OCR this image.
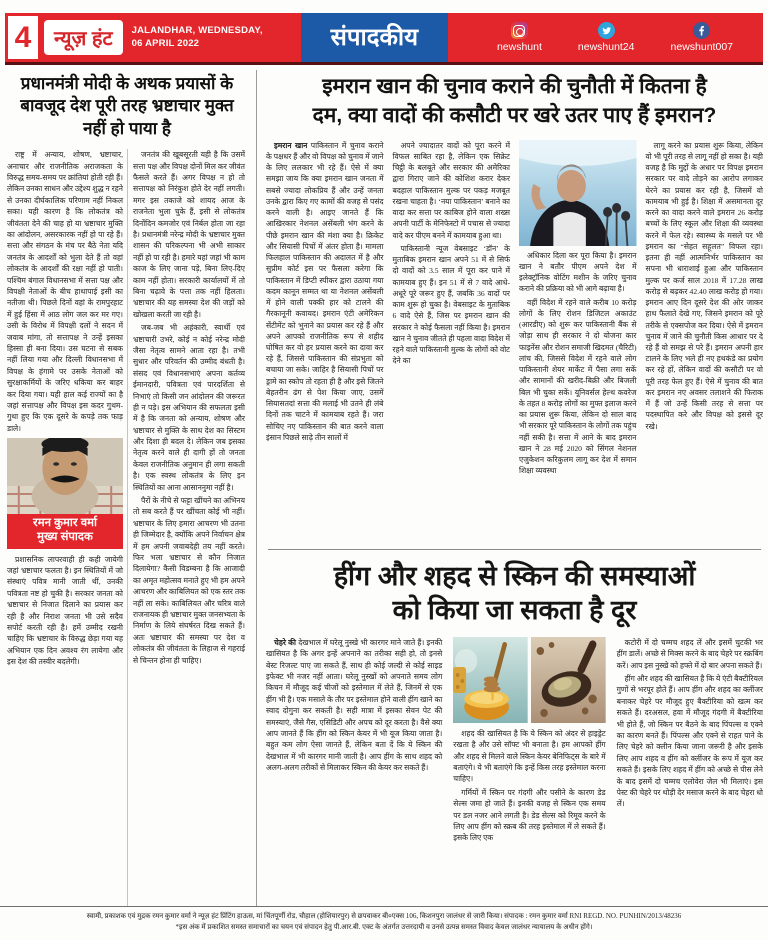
4	न्यूज़ हंट	JALANDHAR, WEDNESDAY,
06 APRIL 2022	संपादकीय	newshunt	newshunt24	newshunt007
प्रधानमंत्री मोदी के अथक प्रयासों के बावजूद देश पूरी तरह भ्रष्टाचार मुक्त नहीं हो पाया है

राष्ट्र में अन्याय, शोषण, भ्रष्टाचार, अनाचार और राजनीतिक अराजकता के विरुद्ध समय-समय पर क्रांतियां होती रही हैं। लेकिन उनका साधन और उद्देश्य शुद्ध न रहने से उनका दीर्घकालिक परिणाम नहीं निकल सका। यही कारण है कि लोकतंत्र को जीवंतता देने की चाह हो या भ्रष्टाचार मुक्ति का आंदोलन, असरकारक नहीं हो पा रहे हैं। सत्ता और संगठन के मंच पर बैठे नेता यदि जनतंत्र के आदर्शों को भुला देते हैं तो वहां लोकतंत्र के आदर्शों की रक्षा नहीं हो पाती। पश्चिम बंगाल विधानसभा में सत्ता पक्ष और विपक्षी नेताओं के बीच हाथापाई इसी का नतीजा थी। पिछले दिनों वहां के रामपुरहाट में हुई हिंसा में आठ लोग जल कर मर गए। उसी के विरोध में विपक्षी दलों ने सदन में जवाब मांगा, तो सत्तापक्ष ने उन्हें इसका हिस्सा ही बना दिया। उस घटना से सबक नहीं लिया गया और दिल्ली विधानसभा में विपक्ष के हंगामे पर उसके नेताओं को सुरक्षाकर्मियों के जरिए धकिया कर बाहर कर दिया गया। यही हाल कई राज्यों का है जहां सत्तापक्ष और विपक्ष इस कदर गुथम-गुथा हुए कि एक दूसरे के कपड़े तक फाड़ डाले।

रमन कुमार वर्मा
मुख्य संपादक

प्रशासनिक लापरवाही ही कही जायेगी जहां भ्रष्टाचार फलता है। इन स्थितियों में जो संस्थाएं पवित्र मानी जाती थीं, उनकी पवित्रता नष्ट हो चुकी है। सरकार जनता को भ्रष्टाचार से निजात दिलाने का प्रयास कर रही है और निराश जनता भी उसे सदैव सपोर्ट करती रही है। हमें उम्मीद रखनी चाहिए कि भ्रष्टाचार के विरुद्ध छेड़ा गया यह अभियान एक दिन अवश्य रंग लायेगा और इस देश की तस्वीर बदलेगी।

जनतंत्र की खूबसूरती यही है कि उसमें सत्ता पक्ष और विपक्ष दोनों मिल कर जीवंत फैसले करते हैं। अगर विपक्ष न हो तो सत्तापक्ष को निरंकुश होते देर नहीं लगती। मगर इस तकाजे को शायद आज के राजनेता भुला चुके हैं, इसी से लोकतंत्र दिनोंदिन कमजोर एवं निर्बल होता जा रहा है। प्रधानमंत्री नरेन्द्र मोदी के भ्रष्टाचार मुक्त शासन की परिकल्पना भी अभी साकार नहीं हो पा रही है। हमारे यहां जहां भी काम काज के लिए जाना पड़े, बिना लिए-दिए काम नहीं होता। सरकारी कार्यालयों में तो बिना चढ़ावे के पत्ता तक नहीं हिलता। भ्रष्टाचार की यह समस्या देश की जड़ों को खोखला करती जा रही है।

जब-जब भी अहंकारी, स्वार्थी एवं भ्रष्टाचारी उभरे, कोई न कोई नरेन्द्र मोदी जैसा नेतृत्व सामने आता रहा है। तभी सुधार और परिवर्तन की उम्मीद बंधती है। संसद एवं विधानसभाएं अपना कर्तव्य ईमानदारी, पवित्रता एवं पारदर्शिता से निभाएं तो किसी जन आंदोलन की जरूरत ही न पड़े। इस अभियान की सफलता इसी में है कि जनता को अन्याय, शोषण और भ्रष्टाचार से मुक्ति के साथ देश का सिस्टम और दिशा ही बदल दे। लेकिन जब इसका नेतृत्व करने वाले ही दागी हों तो जनता केवल राजनीतिक अनुमान ही लगा सकती है। एक स्वस्थ लोकतंत्र के लिए इन स्थितियों का आना आसाननुमा नहीं है।

पैरों के नीचे से फट्टा खींचने का अभिनय तो सब करते हैं पर खींचता कोई भी नहीं। भ्रष्टाचार के लिए हमारा आचरण भी उतना ही जिम्मेदार है, क्योंकि अपने निर्वाचन क्षेत्र में हम अपनी जवाबदेही तय नहीं करते। फिर भला भ्रष्टाचार से कौन निजात दिलायेगा? कैसी विडम्बना है कि आजादी का अमृत महोत्सव मनाते हुए भी हम अपने आचरण और काबिलियत को एक स्तर तक नहीं ला सके। काबिलियत और चरित्र वाले राजनायक ही भ्रष्टाचार मुक्त जनसभ्यता के निर्माण के लिये संघर्षरत दिख सकते हैं। अतः भ्रष्टाचार की समस्या पर देश व लोकतंत्र की जीवंतता के लिहाज से गहराई से चिन्तन होना ही चाहिए।

इमरान खान की चुनाव कराने की चुनौती में कितना है
दम, क्या वादों की कसौटी पर खरे उतर पाए हैं इमरान?

इमरान खान पाकिस्तान में चुनाव कराने के पक्षधर हैं और वो विपक्ष को चुनाव में जाने के लिए ललकार भी रहे हैं। ऐसे में क्या समझा जाय कि क्या इमरान खान जनता में सबसे ज्यादा लोकप्रिय हैं और उन्हें जनता उनके द्वारा किए गए कामों की वजह से पसंद करने वाली है। आइए जानते हैं कि आखिरकार नेशनल असेंबली भंग करने के पीछे इमरान खान की मंशा क्या है। क्रिकेट और सियासी पिचों में अंतर होता है। मामला फिलहाल पाकिस्तान की अदालत में है और सुप्रीम कोर्ट इस पर फैसला करेगा कि पाकिस्तान में डिप्टी स्पीकर द्वारा उठाया गया कदम कानून सम्मत था या नेशनल असेंबली में होने वाली पक्की हार को टालने की गैरकानूनी कवायद। इमरान एंटी अमेरिकन सेंटीमेंट को भुनाने का प्रयास कर रहे हैं और अपने आपको राजनीतिक रूप से शहीद घोषित कर वो हर प्रयास करने का दावा कर रहे हैं, जिससे पाकिस्तान की संप्रभुता को बचाया जा सके। जाहिर है सियासी पिचों पर ड्रामे का स्कोप तो रहता ही है और इसे जितने बेहतरीन ढंग से पेश किया जाए, उसमें सियासतदां सत्ता की मलाई भी उतने ही लंबे दिनों तक चाटने में कामयाब रहते हैं। जरा सोचिए नए पाकिस्तान की बात करने वाला इंसान पिछले साढ़े तीन सालों में

अपने ज्यादातर वादों को पूरा करने में विफल साबित रहा है, लेकिन एक सिक्रेट चिट्ठी के बलबूते और सरकार की अमेरिका द्वारा गिराए जाने की कोशिश करार देकर बदहाल पाकिस्तान मुल्क पर पकड़ मजबूत रखना चाहता है। ‘नया पाकिस्तान’ बनाने का वादा कर सत्ता पर काबिज होने वाला शख्स अपनी पार्टी के मेनिफेस्टो में पचास से ज्यादा वादे कर पीएम बनने में कामयाब हुआ था।

पाकिस्तानी न्यूज वेबसाइट ‘डॉन’ के मुताबिक इमरान खान अपने 51 में से सिर्फ दो वादों को 3.5 साल में पूरा कर पाने में कामयाब हुए हैं। इन 51 में से 7 वादे आधे-अधूरे पूरे जरूर हुए हैं, जबकि 36 वादों पर काम शुरू हो चुका है। वेबसाइट के मुताबिक 6 वादे ऐसे हैं, जिस पर इमरान खान की सरकार ने कोई फैसला नहीं किया है। इमरान खान ने चुनाव जीतते ही पहला वादा विदेश में रहने वाले पाकिस्तानी मुल्क के लोगों को वोट देने का

अधिकार दिला कर पूरा किया है। इमरान खान ने बतौर पीएम अपने देश में इलेक्ट्रॉनिक वोटिंग मशीन के जरिए चुनाव कराने की प्रक्रिया को भी आगे बढ़ाया है।

वहीं विदेश में रहने वाले करीब 10 करोड़ लोगों के लिए रोशन डिजिटल अकाउंट (आरडीए) को शुरू कर पाकिस्तानी बैंक से जोड़ा साथ ही सरकार ने दो योजना कार फाइनेंस और रोशन समाजी खिदमत (चैरिटी) लांच की, जिससे विदेश में रहने वाले लोग पाकिस्तानी शेयर मार्केट में पैसा लगा सकें और सामानों की खरीद-बिक्री और बिजली बिल भी चुका सकें। यूनिवर्सल हेल्थ कवरेज के तहत 8 करोड़ लोगों का मुफ्त इलाज करने का प्रयास शुरू किया, लेकिन दो साल बाद भी सरकार पूरे पाकिस्तान के लोगों तक पहुंच नहीं सकी है। सत्ता में आने के बाद इमरान खान ने 28 मई 2020 को सिंगल नेशनल एजुकेशन करिकुलम लागू कर देश में समान शिक्षा व्यवस्था

लागू करने का प्रयास शुरू किया, लेकिन वो भी पूरी तरह से लागू नहीं हो सका है। यही वजह है कि मुद्दों के अधार पर विपक्ष इमरान सरकार पर वादे तोड़ने का आरोप लगाकर घेरने का प्रयास कर रही है, जिसमें वो कामयाब भी हुई है। शिक्षा में असमानता दूर करने का वादा करने वाले इमरान 26 करोड़ बच्चों के लिए स्कूल और शिक्षा की व्यवस्था करने में फेल रहे। स्वास्थ्य के मसले पर भी इमरान का “सेहत सहूलत” विफल रहा। इतना ही नहीं आत्मनिर्भर पाकिस्तान का सपना भी धाराशाई हुआ और पाकिस्तान मुल्क पर कर्ज साल 2018 में 17.28 लाख करोड़ से बढ़कर 42.40 लाख करोड़ हो गया। इमरान आए दिन दूसरे देश की ओर जाकर हाथ फैलाते देखे गए, जिसने इमरान को पूरे तरीके से एक्सपोज कर दिया। ऐसे में इमरान चुनाव में जाने की चुनौती किस आधार पर दे रहे हैं वो समझ से परे हैं। इमरान अपनी हार टालने के लिए भले ही नए हथकंडे का प्रयोग कर रहे हों, लेकिन वादों की कसौटी पर वो पूरी तरह फेल हुए हैं। ऐसे में चुनाव की बात कर इमरान नए अवसर तलाशने की फिराक में हैं जो उन्हें किसी तरह से सत्ता पर पदस्थापित करे और विपक्ष को इससे दूर रखे।

हींग और शहद से स्किन की समस्याओं
को किया जा सकता है दूर

चेहरे की देखभाल में घरेलू नुस्खे भी कारगर माने जाते हैं। इनकी खासियत है कि अगर इन्हें अपनाने का तरीका सही हो, तो इनसे बेस्ट रिजल्ट पाए जा सकते हैं, साथ ही कोई जल्दी से कोई साइड इफेक्ट भी नजर नहीं आता। घरेलू नुस्खों को अपनाते समय लोग किचन में मौजूद कई चीजों को इस्तेमाल में लेते हैं, जिनमें से एक हींग भी है। एक मसाले के तौर पर इस्तेमाल होने वाली हींग खाने का स्वाद दोगुना कर सकती है। सही मात्रा में इसका सेवन पेट की समस्याएं, जैसे गैस, एसिडिटी और अपच को दूर करता है। वैसे क्या आप जानते हैं कि हींग को स्किन केयर में भी यूज किया जाता है। बहुत कम लोग ऐसा जानते हैं, लेकिन बता दें कि ये स्किन की देखभाल में भी कारगर मानी जाती है। आप हींग के साथ शहद को अलग-अलग तरीकों से मिलाकर स्किन की केयर कर सकते हैं।

शहद की खासियत है कि ये स्किन को अंदर से हाइड्रेट रखता है और उसे सॉफ्ट भी बनाता है। हम आपको हींग और शहद से मिलने वाले स्किन केयर बेनिफिट्स के बारे में बताएंगे। ये भी बताएंगे कि इन्हें किस तरह इस्तेमाल करना चाहिए।

गर्मियों में स्किन पर गंदगी और पसीने के कारण डेड सेल्स जमा हो जाते हैं। इनकी वजह से स्किन एक समय पर डल नजर आने लगती है। डेड सेल्स को रिमूव करने के लिए आप हींग को स्क्रब की तरह इस्तेमाल में ले सकते हैं। इसके लिए एक

कटोरी में दो चम्मच शहद लें और इसमें चुटकी भर हींग डालें। अच्छे से मिक्स करने के बाद चेहरे पर स्क्रबिंग करें। आप इस नुस्खे को हफ्ते में दो बार अपना सकते हैं।

हींग और शहद की खासियत है कि ये एंटी बैक्टीरियल गुणों से भरपूर होते हैं। आप हींग और शहद का क्लींजर बनाकर चेहरे पर मौजूद हुए बैक्टीरिया को खत्म कर सकते हैं। दरअसल, हवा में मौजूद गंदगी में बैक्टीरिया भी होते हैं, जो स्किन पर बैठने के बाद पिंपल्स व एक्ने का कारण बनते हैं। पिंपल्स और एक्ने से राहत पाने के लिए चेहरे को क्लीन किया जाना जरूरी है और इसके लिए आप शहद व हींग को क्लींजर के रूप में यूज कर सकते हैं। इसके लिए शहद में हींग को अच्छे से पीस लेने के बाद इसमें दो चम्मच एलोवेरा जेल भी मिलाएं। इस पेस्ट की चेहरे पर थोड़ी देर मसाज करने के बाद चेहरा धो लें।

स्वामी, प्रकाशक एवं मुद्रक रमन कुमार वर्मा ने न्यूज़ हंट प्रिंटिंग हाऊस, मां चिंतपूर्णी रोड, चौहाल (होशियारपुर) से छपवाकर बी०एक्स 106, किशनपुरा जालंधर से जारी किया। संपादक : रमन कुमार वर्मा RNI REGD. NO. PUNHIN/2013/48236
*इस अंक में प्रकाशित समस्त समाचारों का चयन एवं संपादन हेतु पी.आर.बी. एक्ट के अंतर्गत उत्तरदायी व उनसे उत्पन्न समस्त विवाद केवल जालंधर न्यायालय के अधीन होंगे।
